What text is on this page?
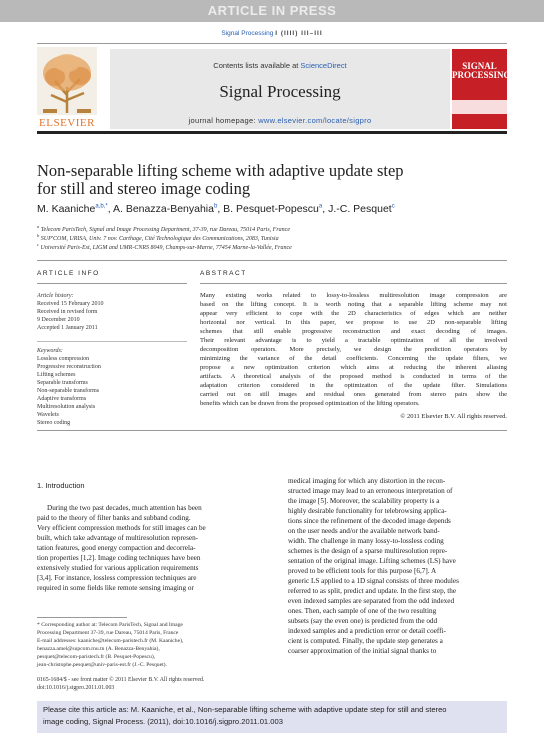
ARTICLE IN PRESS
Signal Processing I (IIII) III–III
ELSEVIER
Contents lists available at ScienceDirect
Signal Processing
journal homepage: www.elsevier.com/locate/sigpro
SIGNAL
PROCESSING
Non-separable lifting scheme with adaptive update step
for still and stereo image coding
M. Kaaniche$^{a,b,*}$, A. Benazza-Benyahia$^b$, B. Pesquet-Popescu$^a$, J.-C. Pesquet$^c$
$^a$ Telecom ParisTech, Signal and Image Processing Department, 37-39, rue Dareau, 75014 Paris, France
$^b$ SUP'COM, URISA, Univ. 7 nov. Carthage, Cité Technologique des Communications, 2083, Tunisia
$^c$ Université Paris-Est, LIGM and UMR-CNRS 8049, Champs-sur-Marne, 77454 Marne-la-Vallée, France
ARTICLE INFO
Article history:
Received 15 February 2010
Received in revised form
9 December 2010
Accepted 1 January 2011
Keywords:
Lossless compression
Progressive reconstruction
Lifting schemes
Separable transforms
Non-separable transforms
Adaptive transforms
Multiresolution analysis
Wavelets
Stereo coding
ABSTRACT
Many existing works related to lossy-to-lossless multiresolution image compression are
based on the lifting concept. It is worth noting that a separable lifting scheme may not
appear very efficient to cope with the 2D characteristics of edges which are neither
horizontal nor vertical. In this paper, we propose to use 2D non-separable lifting
schemes that still enable progressive reconstruction and exact decoding of images.
Their relevant advantage is to yield a tractable optimization of all the involved
decomposition operators. More precisely, we design the prediction operators by
minimizing the variance of the detail coefficients. Concerning the update filters, we
propose a new optimization criterion which aims at reducing the inherent aliasing
artifacts. A theoretical analysis of the proposed method is conducted in terms of the
adaptation criterion considered in the optimization of the update filter. Simulations
carried out on still images and residual ones generated from stereo pairs show the
benefits which can be drawn from the proposed optimization of the lifting operators.
© 2011 Elsevier B.V. All rights reserved.
1. Introduction
During the two past decades, much attention has been
paid to the theory of filter banks and subband coding.
Very efficient compression methods for still images can be
built, which take advantage of multiresolution represen-
tation features, good energy compaction and decorrela-
tion properties [1,2]. Image coding techniques have been
extensively studied for various application requirements
[3,4]. For instance, lossless compression techniques are
required in some fields like remote sensing imaging or
medical imaging for which any distortion in the recon-
structed image may lead to an erroneous interpretation of
the image [5]. Moreover, the scalability property is a
highly desirable functionality for telebrowsing applica-
tions since the refinement of the decoded image depends
on the user needs and/or the available network band-
width. The challenge in many lossy-to-lossless coding
schemes is the design of a sparse multiresolution repre-
sentation of the original image. Lifting schemes (LS) have
proved to be efficient tools for this purpose [6,7]. A
generic LS applied to a 1D signal consists of three modules
referred to as split, predict and update. In the first step, the
even indexed samples are separated from the odd indexed
ones. Then, each sample of one of the two resulting
subsets (say the even one) is predicted from the odd
indexed samples and a prediction error or detail coeffi-
cient is computed. Finally, the update step generates a
coarser approximation of the initial signal thanks to
* Corresponding author at: Telecom ParisTech, Signal and Image
Processing Department 37-39, rue Dareau, 75014 Paris, France
E-mail addresses: kaaniche@telecom-paristech.fr (M. Kaaniche),
benazza.amel@supcom.rnu.tn (A. Benazza-Benyahia),
pesquet@telecom-paristech.fr (B. Pesquet-Popescu),
jean-christophe.pesquet@univ-paris-est.fr (J.-C. Pesquet).
0165-1684/$ - see front matter © 2011 Elsevier B.V. All rights reserved.
doi:10.1016/j.sigpro.2011.01.003
Please cite this article as: M. Kaaniche, et al., Non-separable lifting scheme with adaptive update step for still and stereo
image coding, Signal Process. (2011), doi:10.1016/j.sigpro.2011.01.003
